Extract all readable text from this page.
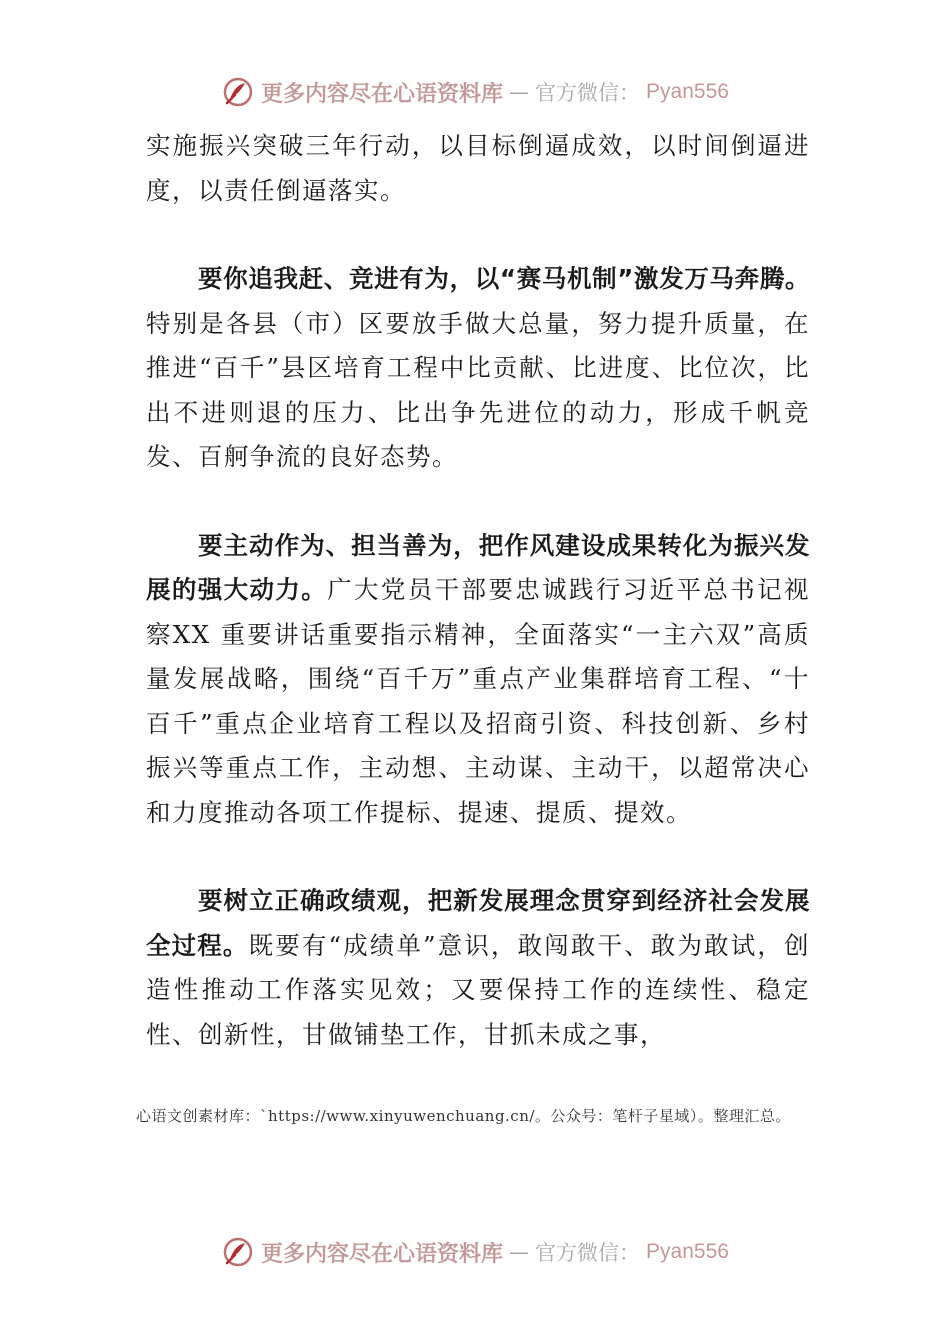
更多内容尽在心语资料库 — 官方微信： Pyan556

实施振兴突破三年行动，以目标倒逼成效，以时间倒逼进度，以责任倒逼落实。

要你追我赶、竞进有为，以“赛马机制”激发万马奔腾。特别是各县（市）区要放手做大总量，努力提升质量，在推进“百千”县区培育工程中比贡献、比进度、比位次，比出不进则退的压力、比出争先进位的动力，形成千帆竞发、百舸争流的良好态势。

要主动作为、担当善为，把作风建设成果转化为振兴发展的强大动力。广大党员干部要忠诚践行习近平总书记视察XX 重要讲话重要指示精神，全面落实“一主六双”高质量发展战略，围绕“百千万”重点产业集群培育工程、“十百千”重点企业培育工程以及招商引资、科技创新、乡村振兴等重点工作，主动想、主动谋、主动干，以超常决心和力度推动各项工作提标、提速、提质、提效。

要树立正确政绩观，把新发展理念贯穿到经济社会发展全过程。既要有“成绩单”意识，敢闯敢干、敢为敢试，创造性推动工作落实见效；又要保持工作的连续性、稳定性、创新性，甘做铺垫工作，甘抓未成之事，

心语文创素材库：`https://www.xinyuwenchuang.cn/。公众号：笔杆子星域）。整理汇总。
更多内容尽在心语资料库 — 官方微信： Pyan556
